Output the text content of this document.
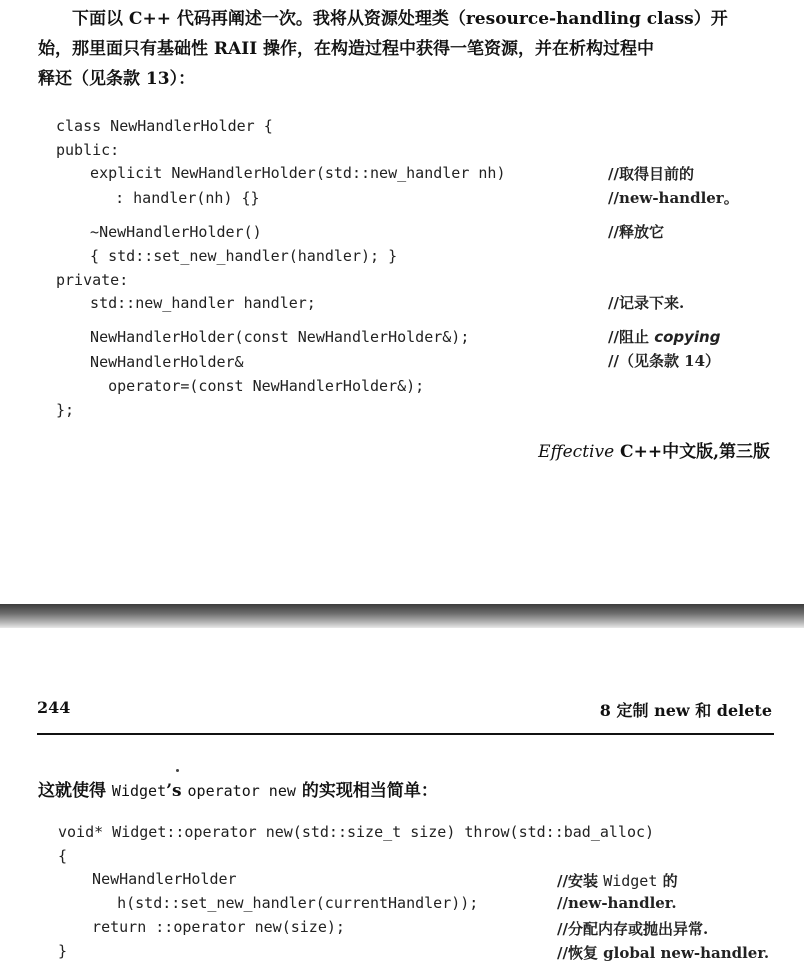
下面以 C++ 代码再阐述一次。我将从资源处理类（resource-handling class）开

始，那里面只有基础性 RAII 操作，在构造过程中获得一笔资源，并在析构过程中

释还（见条款 13）：

class NewHandlerHolder {
public:
explicit NewHandlerHolder(std::new_handler nh)
: handler(nh) {}
~NewHandlerHolder()
{ std::set_new_handler(handler); }
private:
std::new_handler handler;
NewHandlerHolder(const NewHandlerHolder&);
NewHandlerHolder&
operator=(const NewHandlerHolder&);
};
//取得目前的
//new-handler。
//释放它
//记录下来.
//阻止 copying
//（见条款 14）
Effective C++中文版,第三版
244	8 定制 new 和 delete

这就使得 Widget’s operator new 的实现相当简单：

void* Widget::operator new(std::size_t size) throw(std::bad_alloc)
{
NewHandlerHolder
h(std::set_new_handler(currentHandler));
return ::operator new(size);
}
//安装 Widget 的
//new-handler.
//分配内存或抛出异常.
//恢复 global new-handler.
